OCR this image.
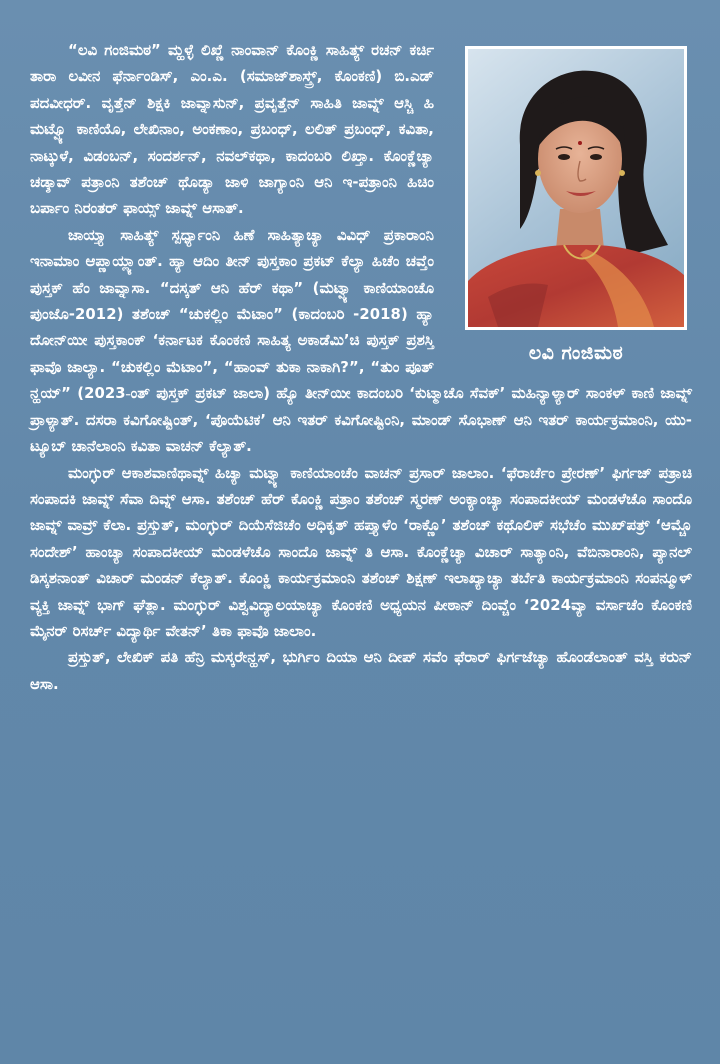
ಲವಿ ಗಂಜಿಮಠ

“ಲವಿ ಗಂಜಿಮಠ” ಮ್ಹಳ್ಳೆ ಲಿಖ್ಣೆ ನಾಂವಾನ್ ಕೊಂಕ್ಣಿ ಸಾಹಿತ್ಯ್ ರಚನ್ ಕರ್ಚಿ ತಾರಾ ಲವೀನ ಫೆರ್ನಾಂಡಿಸ್, ಎಂ.ಎ. (ಸಮಾಜ್‌ಶಾಸ್ತ್ರ್, ಕೊಂಕಣಿ) ಬಿ.ಎಡ್ ಪದವೀಧರ್. ವೃತ್ತೆನ್ ಶಿಕ್ಷಕಿ ಜಾವ್ನಾಸುನ್, ಪ್ರವೃತ್ತೆನ್ ಸಾಹಿತಿ ಜಾವ್ನ್ ಆಸ್ಚಿ ಹಿ ಮಟ್ವ್ಯೊ ಕಾಣಿಯೊ, ಲೇಖಿನಾಂ, ಅಂಕಣಾಂ, ಪ್ರಬಂಧ್, ಲಲಿತ್ ಪ್ರಬಂಧ್, ಕವಿತಾ, ನಾಟ್ಕುಳೆ, ವಿಡಂಬನ್, ಸಂದರ್ಶನ್, ನವಲ್‌ಕಥಾ, ಕಾದಂಬರಿ ಲಿಖ್ತಾ. ಕೊಂಕ್ಣೆಚ್ಯಾ ಚಡ್ಶಾವ್ ಪತ್ರಾಂನಿ ತಶೆಂಚ್ ಥೊಡ್ಯಾ ಜಾಳಿ ಜಾಗ್ಯಾಂನಿ ಆನಿ ಇ-ಪತ್ರಾಂನಿ ಹಿಚಿಂ ಬರ್ಪಾಂ ನಿರಂತರ್ ಫಾಯ್ಸ್ ಜಾವ್ನ್ ಆಸಾತ್.

ಜಾಯ್ತ್ಯಾ ಸಾಹಿತ್ಯ್ ಸ್ಪರ್ಧ್ಯಾಂನಿ ಹಿಣೆ ಸಾಹಿತ್ಯಾಚ್ಯಾ ವಿವಿಧ್ ಪ್ರಕಾರಾಂನಿ ಇನಾಮಾಂ ಆಪ್ಣಾಯ್ಲ್ಯಾಂತ್. ಹ್ಯಾ ಆದಿಂ ತೀನ್ ಪುಸ್ತಕಾಂ ಪ್ರಕಟ್ ಕೆಲ್ಯಾ ಹಿಚೆಂ ಚವ್ತೆಂ ಪುಸ್ತಕ್ ಹೆಂ ಜಾವ್ನಾಸಾ. “ದಸ್ಕತ್ ಆನಿ ಹೆರ್ ಕಥಾ” (ಮಟ್ವ್ಯಾ ಕಾಣಿಯಾಂಚೊ ಪುಂಜೊ-2012) ತಶೆಂಚ್ “ಚುಕಲ್ಲಿಂ ಮೆಟಾಂ” (ಕಾದಂಬರಿ -2018) ಹ್ಯಾ ದೋನ್‌ಯೀ ಪುಸ್ತಕಾಂಕ್ ‘ಕರ್ನಾಟಕ ಕೊಂಕಣಿ ಸಾಹಿತ್ಯ ಅಕಾಡೆಮಿ’ಚಿ ಪುಸ್ತಕ್ ಪ್ರಶಸ್ತಿ ಫಾವೊ ಜಾಲ್ಯಾ. “ಚುಕಲ್ಲಿಂ ಮೆಟಾಂ”, “ಹಾಂವ್ ತುಕಾ ನಾಕಾಗಿ?”, “ತುಂ ಪೂತ್ ನ್ಹಯ್” (2023-ಂತ್ ಪುಸ್ತಕ್ ಪ್ರಕಟ್ ಜಾಲಾ) ಹ್ಯೊ ತೀನ್‌ಯೀ ಕಾದಂಬರಿ ‘ಕುಟ್ಮಾಚೊ ಸೆವಕ್’ ಮಹಿನ್ಯಾಳ್ಯಾರ್ ಸಾಂಕಳ್ ಕಾಣಿ ಜಾವ್ನ್ ಪ್ರಾಳ್ಯಾತ್. ದಸರಾ ಕವಿಗೋಷ್ಟಿಂತ್, ‘ಪೊಯೆಟಿಕ’ ಆನಿ ಇತರ್ ಕವಿಗೋಷ್ಟಿಂನಿ, ಮಾಂಡ್ ಸೊಭಾಣ್ ಆನಿ ಇತರ್ ಕಾರ್ಯಕ್ರಮಾಂನಿ, ಯು-ಟ್ಯೂಬ್ ಚಾನೆಲಾಂನಿ ಕವಿತಾ ವಾಚನ್ ಕೆಲ್ಯಾತ್.

ಮಂಗ್ಳುರ್ ಆಕಾಶವಾಣಿಥಾವ್ನ್ ಹಿಚ್ಯಾ ಮಟ್ವ್ಯಾ ಕಾಣಿಯಾಂಚೆಂ ವಾಚನ್ ಪ್ರಸಾರ್ ಜಾಲಾಂ. ‘ಫೆರಾರ್ಚೆಂ ಪ್ರೇರಣ್’ ಫಿರ್ಗಜ್ ಪತ್ರಾಚಿ ಸಂಪಾದಕಿ ಜಾವ್ನ್ ಸೆವಾ ದಿವ್ನ್ ಆಸಾ. ತಶೆಂಚ್ ಹೆರ್ ಕೊಂಕ್ಣಿ ಪತ್ರಾಂ ತಶೆಂಚ್ ಸ್ಮರಣ್ ಅಂಕ್ಯಾಂಚ್ಯಾ ಸಂಪಾದಕೀಯ್ ಮಂಡಳೆಚೊ ಸಾಂದೊ ಜಾವ್ನ್ ವಾವ್ರ್ ಕೆಲಾ. ಪ್ರಸ್ತುತ್, ಮಂಗ್ಳುರ್ ದಿಯೆಸೆಜಿಚೆಂ ಅಧಿಕೃತ್ ಹಪ್ತ್ಯಾಳೆಂ ‘ರಾಕ್ಣೊ’ ತಶೆಂಚ್ ಕಥೊಲಿಕ್ ಸಭೆಚೆಂ ಮುಖ್‌ಪತ್ರ್ ‘ಆಮ್ಚೊ ಸಂದೇಶ್’ ಹಾಂಚ್ಯಾ ಸಂಪಾದಕೀಯ್ ಮಂಡಳೆಚೊ ಸಾಂದೊ ಜಾವ್ನ್ ತಿ ಆಸಾ. ಕೊಂಕ್ಣೆಚ್ಯಾ ವಿಚಾರ್ ಸಾತ್ಯಾಂನಿ, ವೆಬಿನಾರಾಂನಿ, ಪ್ಯಾನಲ್ ಡಿಸ್ಕಶನಾಂತ್ ವಿಚಾರ್ ಮಂಡನ್ ಕೆಲ್ಯಾತ್. ಕೊಂಕ್ಣಿ ಕಾರ್ಯಕ್ರಮಾಂನಿ ತಶೆಂಚ್ ಶಿಕ್ಷಣ್ ಇಲಾಖ್ಯಾಚ್ಯಾ ತರ್ಬೆತಿ ಕಾರ್ಯಕ್ರಮಾಂನಿ ಸಂಪನ್ಮೂಳ್ ವ್ಯಕ್ತಿ ಜಾವ್ನ್ ಭಾಗ್ ಘೆತ್ಲಾ. ಮಂಗ್ಳುರ್ ವಿಶ್ವವಿದ್ಯಾಲಯಾಚ್ಯಾ ಕೊಂಕಣಿ ಅಧ್ಯಯನ ಪೀಠಾನ್ ದಿಂವ್ಚೆಂ ‘2024ವ್ಯಾ ವರ್ಸಾಚೆಂ ಕೊಂಕಣಿ ಮೈನರ್ ರಿಸರ್ಚ್ ವಿದ್ಯಾರ್ಥಿ ವೇತನ್’ ತಿಕಾ ಫಾವೊ ಜಾಲಾಂ.

ಪ್ರಸ್ತುತ್, ಲೇಖಿಕ್ ಪತಿ ಹೆನ್ರಿ ಮಸ್ಕರೇನ್ಹಸ್, ಭುರ್ಗಿಂ ದಿಯಾ ಆನಿ ದೀಪ್ ಸವೆಂ ಫೆರಾರ್ ಫಿರ್ಗಜೆಚ್ಯಾ ಹೊಂಡೆಲಾಂತ್ ವಸ್ತಿ ಕರುನ್ ಆಸಾ.
